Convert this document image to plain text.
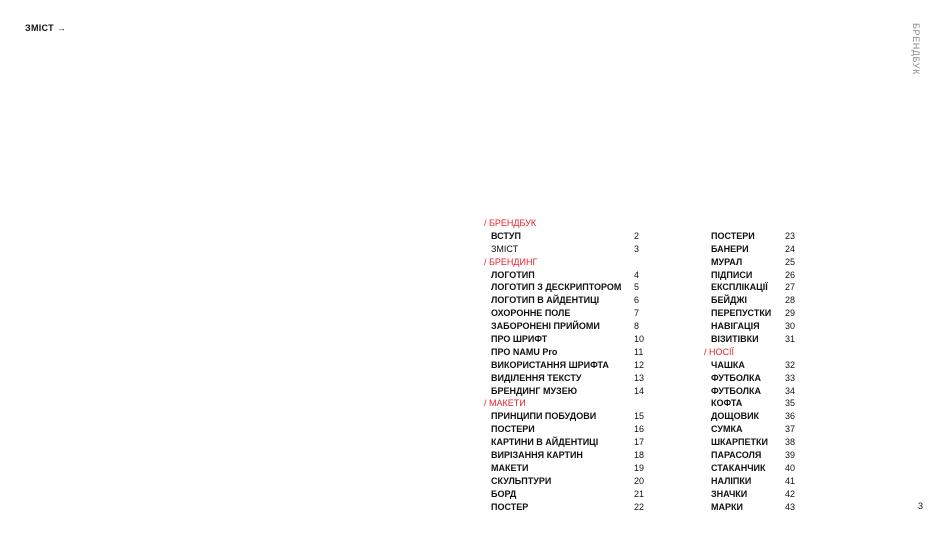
ЗМІСТ →	БРЕНДБУК
3
/ БРЕНДБУК
ВСТУП	2
ЗМІСТ	3
/ БРЕНДИНГ
ЛОГОТИП	4
ЛОГОТИП З ДЕСКРИПТОРОМ 5
ЛОГОТИП В АЙДЕНТИЦІ	6
ОХОРОННЕ ПОЛЕ	7
ЗАБОРОНЕНІ ПРИЙОМИ	8
ПРО ШРИФТ	10
ПРО NAMU Pro	11
ВИКОРИСТАННЯ ШРИФТА	12
ВИДІЛЕННЯ ТЕКСТУ	13
БРЕНДИНГ МУЗЕЮ	14
/ МАКЕТИ
ПРИНЦИПИ ПОБУДОВИ	15
ПОСТЕРИ	16
КАРТИНИ В АЙДЕНТИЦІ	17
ВИРІЗАННЯ КАРТИН	18
МАКЕТИ	19
СКУЛЬПТУРИ	20
БОРД	21
ПОСТЕР	22
ПОСТЕРИ	23
БАНЕРИ	24
МУРАЛ	25
ПІДПИСИ	26
ЕКСПЛІКАЦІЇ 27
БЕЙДЖІ	28
ПЕРЕПУСТКИ 29
НАВІГАЦІЯ	30
ВІЗИТІВКИ	31
/ НОСІЇ
ЧАШКА	32
ФУТБОЛКА	33
ФУТБОЛКА	34
КОФТА	35
ДОЩОВИК	36
СУМКА	37
ШКАРПЕТКИ 38
ПАРАСОЛЯ	39
СТАКАНЧИК 40
НАЛІПКИ	41
ЗНАЧКИ	42
МАРКИ	43
